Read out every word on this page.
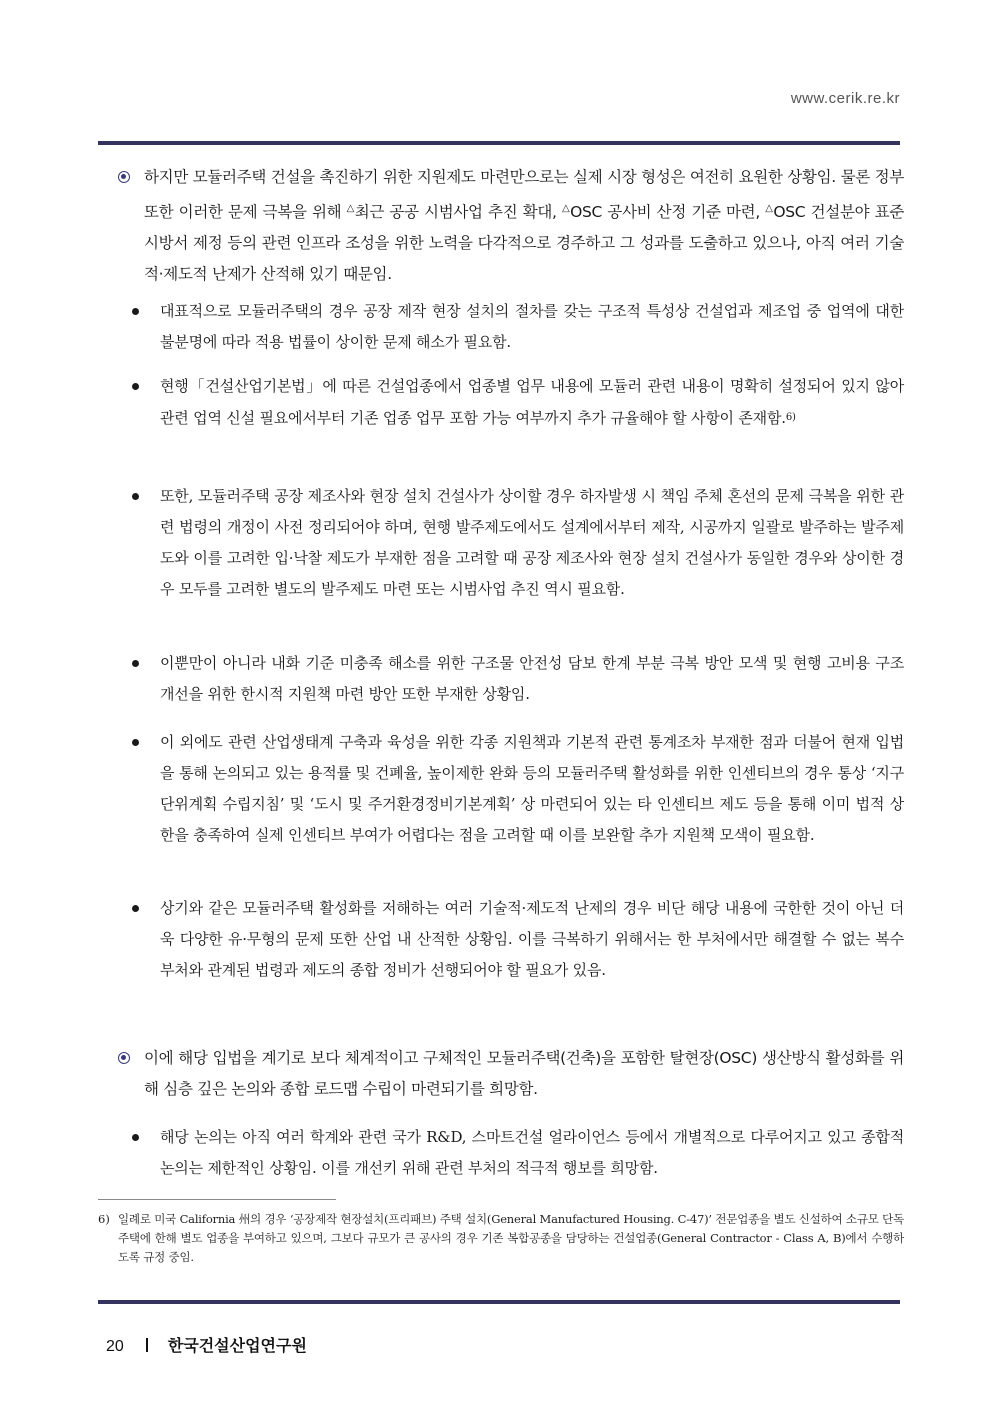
www.cerik.re.kr
하지만 모듈러주택 건설을 촉진하기 위한 지원제도 마련만으로는 실제 시장 형성은 여전히 요원한 상황임. 물론 정부 또한 이러한 문제 극복을 위해 △최근 공공 시범사업 추진 확대, △OSC 공사비 산정 기준 마련, △OSC 건설분야 표준시방서 제정 등의 관련 인프라 조성을 위한 노력을 다각적으로 경주하고 그 성과를 도출하고 있으나, 아직 여러 기술적·제도적 난제가 산적해 있기 때문임.
대표적으로 모듈러주택의 경우 공장 제작 현장 설치의 절차를 갖는 구조적 특성상 건설업과 제조업 중 업역에 대한 불분명에 따라 적용 법률이 상이한 문제 해소가 필요함.
현행「건설산업기본법」에 따른 건설업종에서 업종별 업무 내용에 모듈러 관련 내용이 명확히 설정되어 있지 않아 관련 업역 신설 필요에서부터 기존 업종 업무 포함 가능 여부까지 추가 규율해야 할 사항이 존재함.$^{6)}$
또한, 모듈러주택 공장 제조사와 현장 설치 건설사가 상이할 경우 하자발생 시 책임 주체 혼선의 문제 극복을 위한 관련 법령의 개정이 사전 정리되어야 하며, 현행 발주제도에서도 설계에서부터 제작, 시공까지 일괄로 발주하는 발주제도와 이를 고려한 입·낙찰 제도가 부재한 점을 고려할 때 공장 제조사와 현장 설치 건설사가 동일한 경우와 상이한 경우 모두를 고려한 별도의 발주제도 마련 또는 시범사업 추진 역시 필요함.
이뿐만이 아니라 내화 기준 미충족 해소를 위한 구조물 안전성 담보 한계 부분 극복 방안 모색 및 현행 고비용 구조 개선을 위한 한시적 지원책 마련 방안 또한 부재한 상황임.
이 외에도 관련 산업생태계 구축과 육성을 위한 각종 지원책과 기본적 관련 통계조차 부재한 점과 더불어 현재 입법을 통해 논의되고 있는 용적률 및 건폐율, 높이제한 완화 등의 모듈러주택 활성화를 위한 인센티브의 경우 통상 ‘지구단위계획 수립지침’ 및 ‘도시 및 주거환경정비기본계획’ 상 마련되어 있는 타 인센티브 제도 등을 통해 이미 법적 상한을 충족하여 실제 인센티브 부여가 어렵다는 점을 고려할 때 이를 보완할 추가 지원책 모색이 필요함.
상기와 같은 모듈러주택 활성화를 저해하는 여러 기술적·제도적 난제의 경우 비단 해당 내용에 국한한 것이 아닌 더욱 다양한 유·무형의 문제 또한 산업 내 산적한 상황임. 이를 극복하기 위해서는 한 부처에서만 해결할 수 없는 복수 부처와 관계된 법령과 제도의 종합 정비가 선행되어야 할 필요가 있음.
이에 해당 입법을 계기로 보다 체계적이고 구체적인 모듈러주택(건축)을 포함한 탈현장(OSC) 생산방식 활성화를 위해 심층 깊은 논의와 종합 로드맵 수립이 마련되기를 희망함.
해당 논의는 아직 여러 학계와 관련 국가 R&D, 스마트건설 얼라이언스 등에서 개별적으로 다루어지고 있고 종합적 논의는 제한적인 상황임. 이를 개선키 위해 관련 부처의 적극적 행보를 희망함.
6) 일례로 미국 California 州의 경우 ‘공장제작 현장설치(프리패브) 주택 설치(General Manufactured Housing. C-47)’ 전문업종을 별도 신설하여 소규모 단독주택에 한해 별도 업종을 부여하고 있으며, 그보다 규모가 큰 공사의 경우 기존 복합공종을 담당하는 건설업종(General Contractor - Class A, B)에서 수행하도록 규정 중임.
20	한국건설산업연구원
